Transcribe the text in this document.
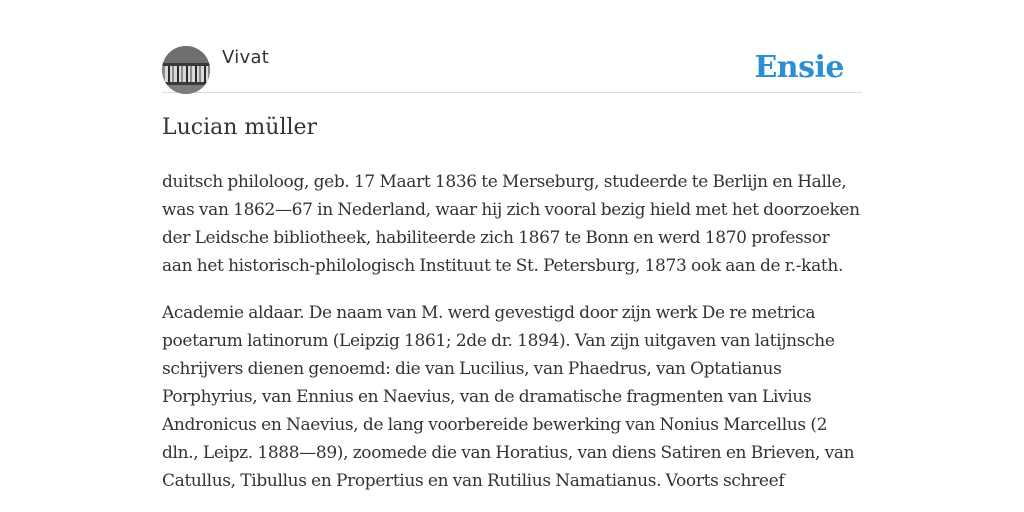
Vivat	Ensie
Lucian müller

duitsch philoloog, geb. 17 Maart 1836 te Merseburg, studeerde te Berlijn en Halle, was van 1862—67 in Nederland, waar hij zich vooral bezig hield met het doorzoeken der Leidsche bibliotheek, habiliteerde zich 1867 te Bonn en werd 1870 professor aan het historisch-philologisch Instituut te St. Petersburg, 1873 ook aan de r.-kath.

Academie aldaar. De naam van M. werd gevestigd door zijn werk De re metrica poetarum latinorum (Leipzig 1861; 2de dr. 1894). Van zijn uitgaven van latijnsche schrijvers dienen genoemd: die van Lucilius, van Phaedrus, van Optatianus Porphyrius, van Ennius en Naevius, van de dramatische fragmenten van Livius Andronicus en Naevius, de lang voorbereide bewerking van Nonius Marcellus (2 dln., Leipz. 1888—89), zoomede die van Horatius, van diens Satiren en Brieven, van Catullus, Tibullus en Propertius en van Rutilius Namatianus. Voorts schreef
